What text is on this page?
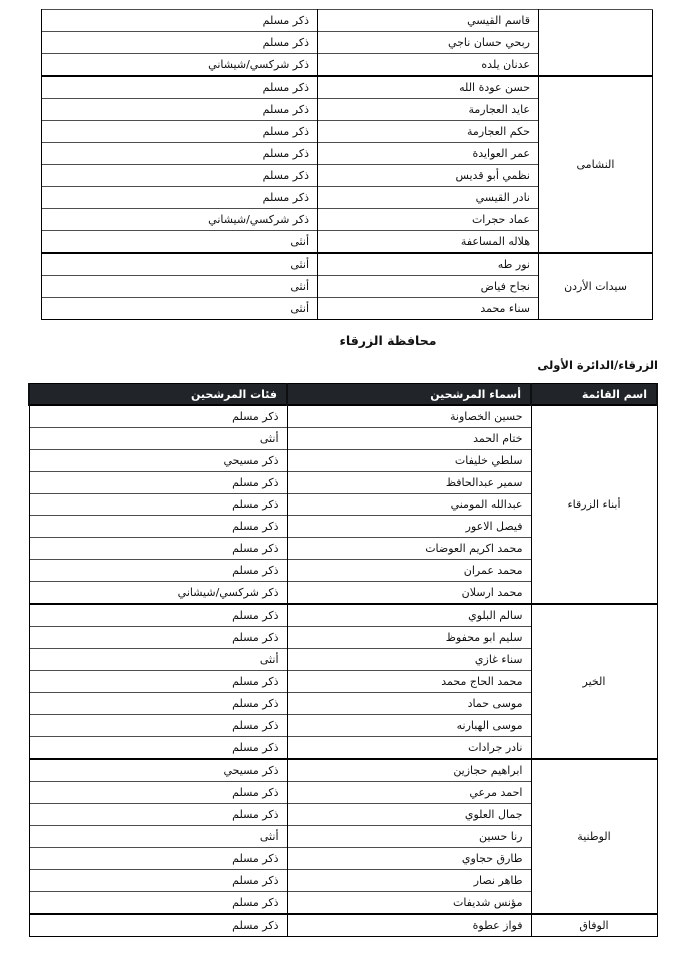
	قاسم القيسي	ذكر مسلم
	ربحي حسان ناجي	ذكر مسلم
	عدنان يلده	ذكر شركسي/شيشاني
النشامى	حسن عودة الله	ذكر مسلم
	عايد العجارمة	ذكر مسلم
	حكم العجارمة	ذكر مسلم
	عمر العوايدة	ذكر مسلم
	نظمي أبو قديس	ذكر مسلم
	نادر القيسي	ذكر مسلم
	عماد حجرات	ذكر شركسي/شيشاني
	هلاله المساعفة	أنثى
سيدات الأردن	نور طه	أنثى
	نجاح فياض	أنثى
	سناء محمد	أنثى
محافظة الزرقاء
الزرقاء/الدائرة الأولى
اسم القائمة	أسماء المرشحين	فئات المرشحين
أبناء الزرقاء	حسين الخصاونة	ذكر مسلم
	ختام الحمد	أنثى
	سلطي خليفات	ذكر مسيحي
	سمير عبدالحافظ	ذكر مسلم
	عبدالله المومني	ذكر مسلم
	فيصل الاعور	ذكر مسلم
	محمد اكريم العوضات	ذكر مسلم
	محمد عمران	ذكر مسلم
	محمد ارسلان	ذكر شركسي/شيشاني
الخير	سالم البلوي	ذكر مسلم
	سليم ابو محفوظ	ذكر مسلم
	سناء غازي	أنثى
	محمد الحاج محمد	ذكر مسلم
	موسى حماد	ذكر مسلم
	موسى الهبارنه	ذكر مسلم
	نادر جرادات	ذكر مسلم
الوطنية	ابراهيم حجازين	ذكر مسيحي
	احمد مرعي	ذكر مسلم
	جمال العلوي	ذكر مسلم
	رنا حسين	أنثى
	طارق حجاوي	ذكر مسلم
	طاهر نصار	ذكر مسلم
	مؤنس شديفات	ذكر مسلم
الوفاق	فواز عطوة	ذكر مسلم
